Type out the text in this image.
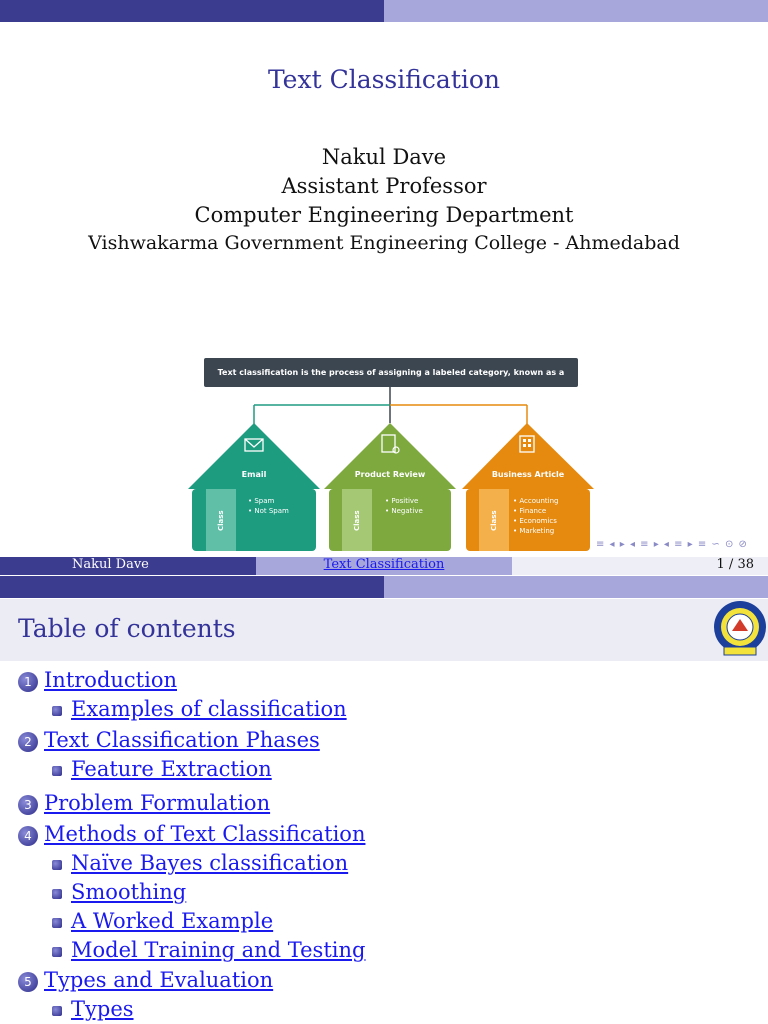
Text Classification
Nakul Dave
Assistant Professor
Computer Engineering Department
Vishwakarma Government Engineering College - Ahmedabad
Text classification is the process of assigning a labeled category, known as a class, to text.
Email	Product Review	Business Article
Class	Class	Class
• Spam
• Not Spam
• Positive
• Negative
• Accounting
• Finance
• Economics
• Marketing
≡ ◂ ▸ ◂ ≡ ▸ ◂ ≡ ▸ ≡ ∽ ⊙ ⊘
Nakul Dave	Text Classification	1 / 38
Table of contents
1 Introduction
Examples of classification
2 Text Classification Phases
Feature Extraction
3 Problem Formulation
4 Methods of Text Classification
Naïve Bayes classification
Smoothing
A Worked Example
Model Training and Testing
5 Types and Evaluation
Types
